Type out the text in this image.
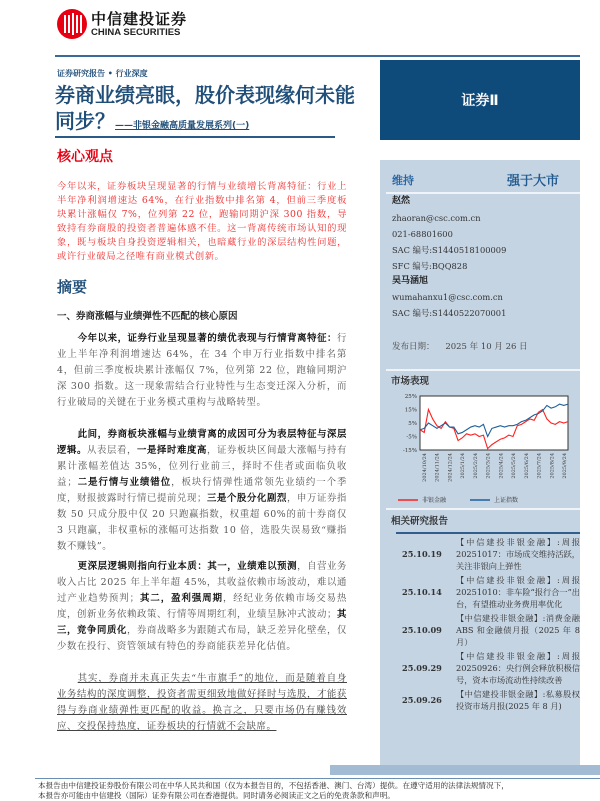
中信建投证券
CHINA SECURITIES
证券研究报告 • 行业深度
券商业绩亮眼，股价表现缘何未能同步？——非银金融高质量发展系列(一)
核心观点
今年以来，证券板块呈现显著的行情与业绩增长背离特征：行业上半年净利润增速达 64%，在行业指数中排名第 4，但前三季度板块累计涨幅仅 7%，位列第 22 位，跑输同期沪深 300 指数，导致持有券商股的投资者普遍体感不佳。这一背离传统市场认知的现象，既与板块自身投资逻辑相关，也暗藏行业的深层结构性问题，或许行业破局之径唯有商业模式创新。
摘要
一、券商涨幅与业绩弹性不匹配的核心原因
今年以来，证券行业呈现显著的绩优表现与行情背离特征：行业上半年净利润增速达 64%，在 34 个申万行业指数中排名第 4，但前三季度板块累计涨幅仅 7%，位列第 22 位，跑输同期沪深 300 指数。这一现象需结合行业特性与生态变迁深入分析，而行业破局的关键在于业务模式重构与战略转型。
此间，券商板块涨幅与业绩背离的成因可分为表层特征与深层逻辑。从表层看，一是择时难度高，证券板块区间最大涨幅与持有累计涨幅差值达 35%，位列行业前三，择时不佳者或面临负收益；二是行情与业绩错位，板块行情弹性通常领先业绩约一个季度，财报披露时行情已提前兑现；三是个股分化剧烈，申万证券指数 50 只成分股中仅 20 只跑赢指数，权重超 60%的前十券商仅 3 只跑赢，非权重标的涨幅可达指数 10 倍，选股失误易致“赚指数不赚钱”。
更深层逻辑则指向行业本质：其一，业绩难以预测，自营业务收入占比 2025 年上半年超 45%，其收益依赖市场波动，难以通过产业趋势预判；其二，盈利强周期，经纪业务依赖市场交易热度，创新业务依赖政策、行情等周期红利，业绩呈脉冲式波动；其三，竞争同质化，券商战略多为跟随式布局，缺乏差异化壁垒，仅少数在投行、资管领域有特色的券商能获差异化估值。
其实，券商并未真正失去“牛市旗手”的地位，而是随着自身业务结构的深度调整，投资者需更细致地做好择时与选股，才能获得与券商业绩弹性更匹配的收益。换言之，只要市场仍有赚钱效应、交投保持热度，证券板块的行情就不会缺席。
证券Ⅱ
维持	强于大市
赵然
zhaoran@csc.com.cn
021-68801600
SAC 编号:S1440518100009
SFC 编号:BQQ828
吴马涵旭
wumahanxu1@csc.com.cn
SAC 编号:S1440522070001
发布日期： 2025 年 10 月 26 日
市场表现
25%
15%
5%
-5%
-15%
2024/10/24 2024/11/24 2024/12/24 2025/1/24 2025/2/24 2025/3/24 2025/4/24 2025/5/24 2025/6/24 2025/7/24 2025/8/24 2025/9/24
非银金融	上证指数
相关研究报告
25.10.19
【中信建投非银金融】:周报20251017：市场成交维持活跃，关注非银向上弹性
25.10.14
【中信建投非银金融】:周报20251010：非车险“报行合一”出台，有望推动业务费用率优化
25.10.09
【中信建投非银金融】:消费金融ABS 和金融债月报（2025 年 8 月）
25.09.29
【中信建投非银金融】:周报20250926：央行例会释放积极信号，资本市场流动性持续改善
25.09.26
【中信建投非银金融】:私募股权投资市场月报(2025 年 8 月)
本报告由中信建投证券股份有限公司在中华人民共和国（仅为本报告目的，不包括香港、澳门、台湾）提供。在遵守适用的法律法规情况下，
本报告亦可能由中信建投（国际）证券有限公司在香港提供。同时请务必阅读正文之后的免责条款和声明。
